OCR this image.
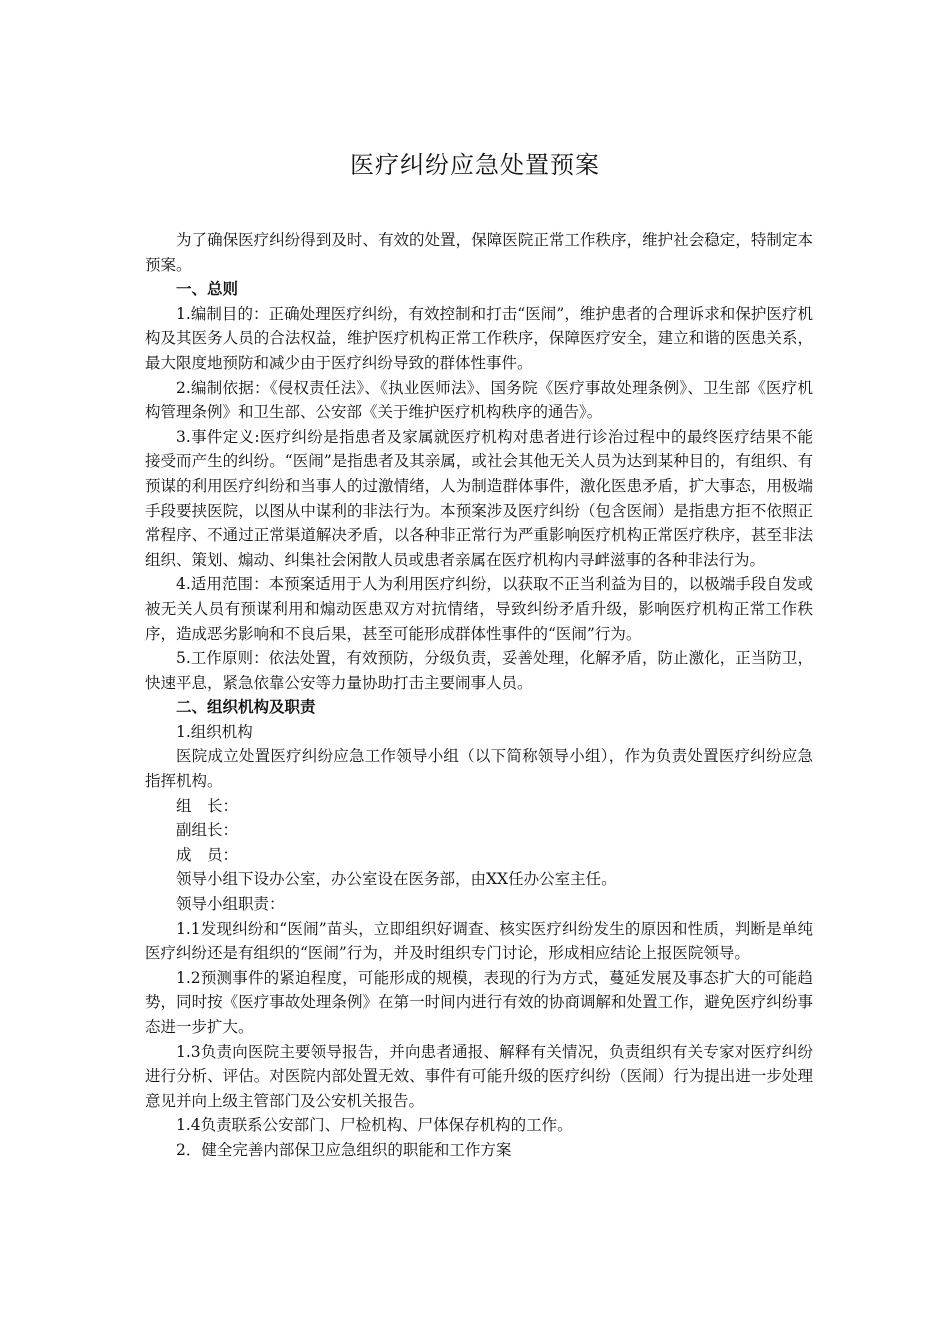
医疗纠纷应急处置预案

为了确保医疗纠纷得到及时、有效的处置，保障医院正常工作秩序，维护社会稳定，特制定本预案。

一、总则

1.编制目的：正确处理医疗纠纷，有效控制和打击“医闹”，维护患者的合理诉求和保护医疗机构及其医务人员的合法权益，维护医疗机构正常工作秩序，保障医疗安全，建立和谐的医患关系，最大限度地预防和减少由于医疗纠纷导致的群体性事件。

2.编制依据：《侵权责任法》、《执业医师法》、国务院《医疗事故处理条例》、卫生部《医疗机构管理条例》和卫生部、公安部《关于维护医疗机构秩序的通告》。

3.事件定义:医疗纠纷是指患者及家属就医疗机构对患者进行诊治过程中的最终医疗结果不能接受而产生的纠纷。“医闹”是指患者及其亲属，或社会其他无关人员为达到某种目的，有组织、有预谋的利用医疗纠纷和当事人的过激情绪，人为制造群体事件，激化医患矛盾，扩大事态，用极端手段要挟医院，以图从中谋利的非法行为。本预案涉及医疗纠纷（包含医闹）是指患方拒不依照正常程序、不通过正常渠道解决矛盾，以各种非正常行为严重影响医疗机构正常医疗秩序，甚至非法组织、策划、煽动、纠集社会闲散人员或患者亲属在医疗机构内寻衅滋事的各种非法行为。

4.适用范围：本预案适用于人为利用医疗纠纷，以获取不正当利益为目的，以极端手段自发或被无关人员有预谋利用和煽动医患双方对抗情绪，导致纠纷矛盾升级，影响医疗机构正常工作秩序，造成恶劣影响和不良后果，甚至可能形成群体性事件的“医闹”行为。

5.工作原则：依法处置，有效预防，分级负责，妥善处理，化解矛盾，防止激化，正当防卫，快速平息，紧急依靠公安等力量协助打击主要闹事人员。

二、组织机构及职责

1.组织机构

医院成立处置医疗纠纷应急工作领导小组（以下简称领导小组），作为负责处置医疗纠纷应急指挥机构。

组　长：

副组长：

成　员：

领导小组下设办公室，办公室设在医务部，由XX任办公室主任。

领导小组职责：

1.1发现纠纷和“医闹”苗头，立即组织好调查、核实医疗纠纷发生的原因和性质，判断是单纯医疗纠纷还是有组织的“医闹”行为，并及时组织专门讨论，形成相应结论上报医院领导。

1.2预测事件的紧迫程度，可能形成的规模，表现的行为方式，蔓延发展及事态扩大的可能趋势，同时按《医疗事故处理条例》在第一时间内进行有效的协商调解和处置工作，避免医疗纠纷事态进一步扩大。

1.3负责向医院主要领导报告，并向患者通报、解释有关情况，负责组织有关专家对医疗纠纷进行分析、评估。对医院内部处置无效、事件有可能升级的医疗纠纷（医闹）行为提出进一步处理意见并向上级主管部门及公安机关报告。

1.4负责联系公安部门、尸检机构、尸体保存机构的工作。

2．健全完善内部保卫应急组织的职能和工作方案
